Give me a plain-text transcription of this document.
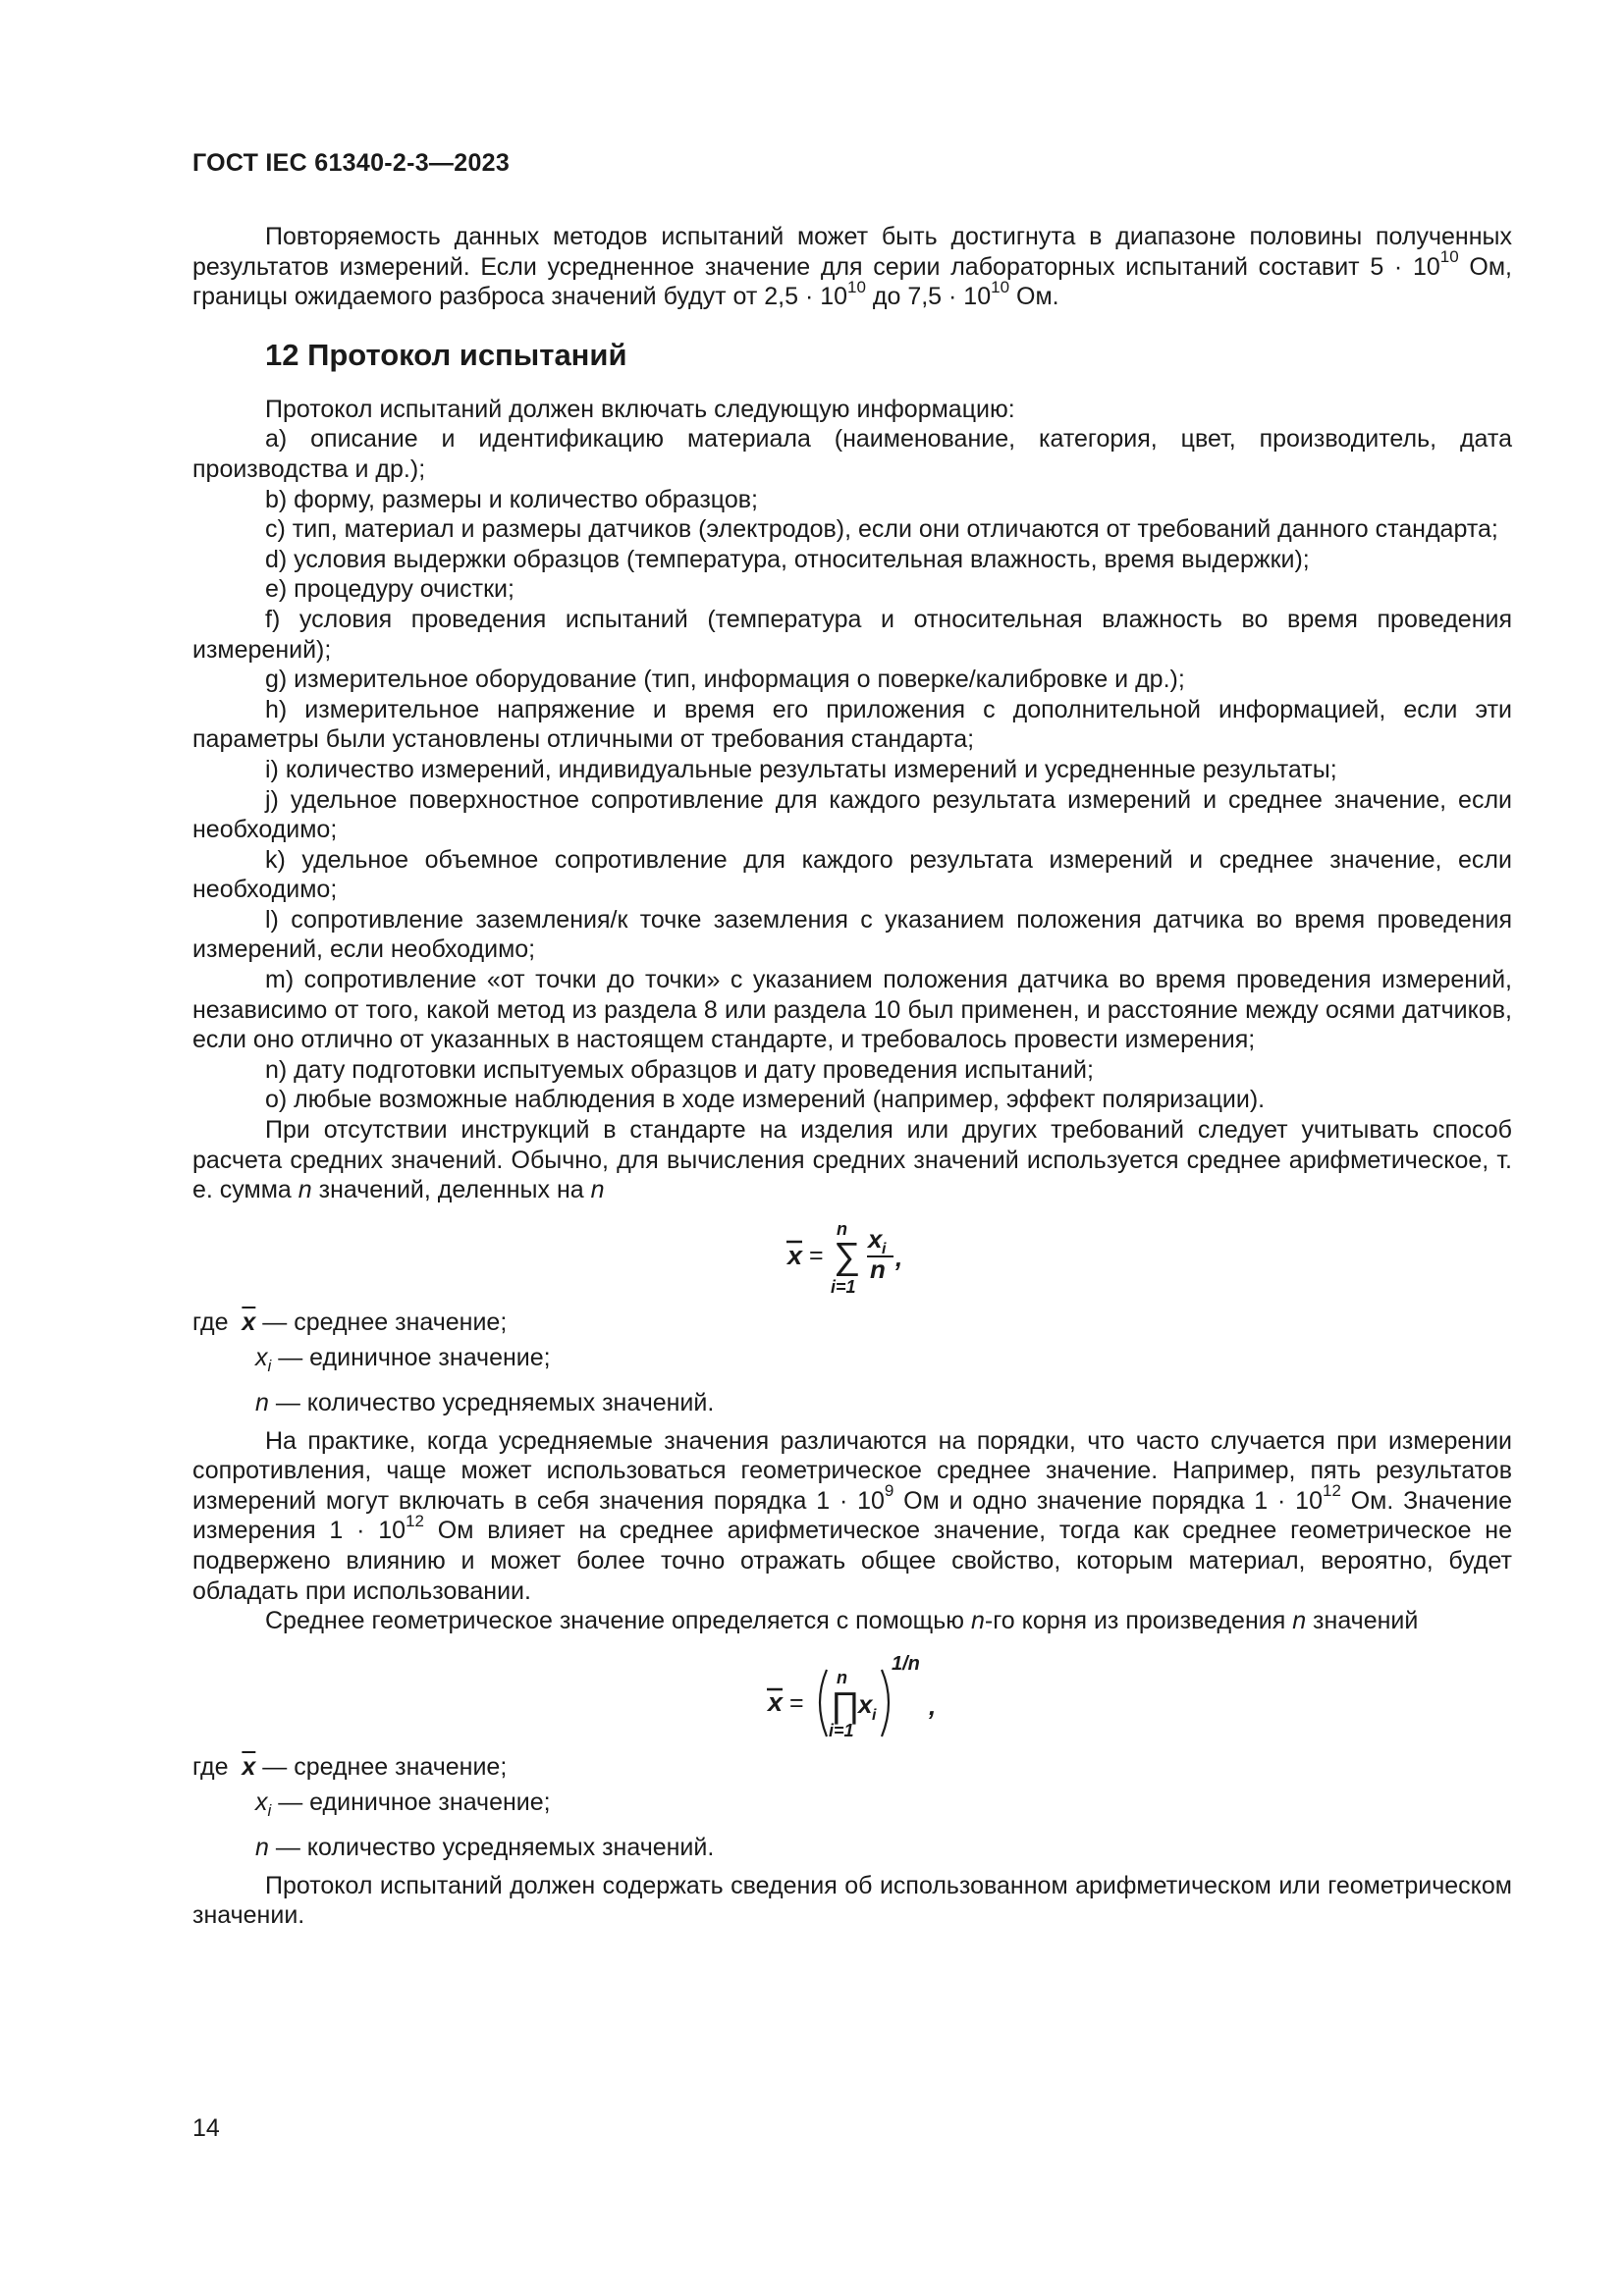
ГОСТ IEC 61340-2-3—2023

Повторяемость данных методов испытаний может быть достигнута в диапазоне половины полученных результатов измерений. Если усредненное значение для серии лабораторных испытаний составит $5 \cdot 10^{10}$ Ом, границы ожидаемого разброса значений будут от $2,5 \cdot 10^{10}$ до $7,5 \cdot 10^{10}$ Ом.

12 Протокол испытаний

Протокол испытаний должен включать следующую информацию:

a) описание и идентификацию материала (наименование, категория, цвет, производитель, дата производства и др.);

b) форму, размеры и количество образцов;

c) тип, материал и размеры датчиков (электродов), если они отличаются от требований данного стандарта;

d) условия выдержки образцов (температура, относительная влажность, время выдержки);

e) процедуру очистки;

f) условия проведения испытаний (температура и относительная влажность во время проведения измерений);

g) измерительное оборудование (тип, информация о поверке/калибровке и др.);

h) измерительное напряжение и время его приложения с дополнительной информацией, если эти параметры были установлены отличными от требования стандарта;

i) количество измерений, индивидуальные результаты измерений и усредненные результаты;

j) удельное поверхностное сопротивление для каждого результата измерений и среднее значение, если необходимо;

k) удельное объемное сопротивление для каждого результата измерений и среднее значение, если необходимо;

l) сопротивление заземления/к точке заземления с указанием положения датчика во время проведения измерений, если необходимо;

m) сопротивление «от точки до точки» с указанием положения датчика во время проведения измерений, независимо от того, какой метод из раздела 8 или раздела 10 был применен, и расстояние между осями датчиков, если оно отлично от указанных в настоящем стандарте, и требовалось провести измерения;

n) дату подготовки испытуемых образцов и дату проведения испытаний;

o) любые возможные наблюдения в ходе измерений (например, эффект поляризации).

При отсутствии инструкций в стандарте на изделия или других требований следует учитывать способ расчета средних значений. Обычно, для вычисления средних значений используется среднее арифметическое, т. е. сумма n значений, деленных на n

x =
n
∑
i=1
x i
n ,

где $\overline{x}$ — среднее значение;

$x_i$ — единичное значение;

n — количество усредняемых значений.

На практике, когда усредняемые значения различаются на порядки, что часто случается при измерении сопротивления, чаще может использоваться геометрическое среднее значение. Например, пять результатов измерений могут включать в себя значения порядка $1 \cdot 10^9$ Ом и одно значение порядка $1 \cdot 10^{12}$ Ом. Значение измерения $1 \cdot 10^{12}$ Ом влияет на среднее арифметическое значение, тогда как среднее геометрическое не подвержено влиянию и может более точно отражать общее свойство, которым материал, вероятно, будет обладать при использовании.

Среднее геометрическое значение определяется с помощью n-го корня из произведения n значений

x =
n
∏
i=1
x i
1/n
,

где $\overline{x}$ — среднее значение;

$x_i$ — единичное значение;

n — количество усредняемых значений.

Протокол испытаний должен содержать сведения об использованном арифметическом или геометрическом значении.

14
